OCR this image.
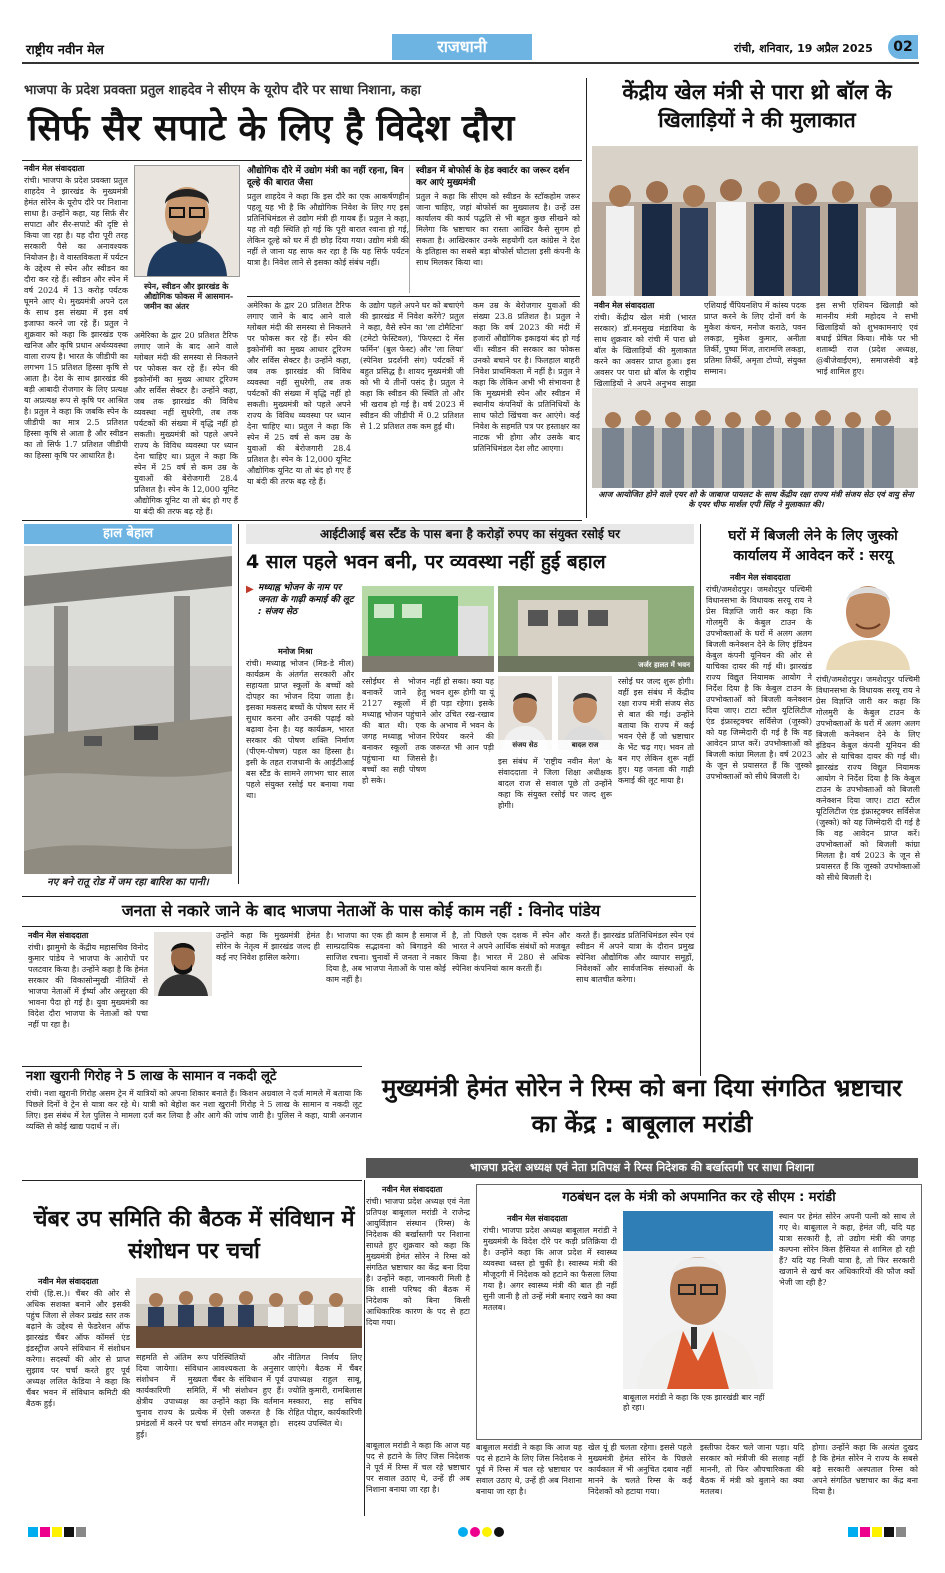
राष्ट्रीय नवीन मेल	राजधानी	रांची, शनिवार, 19 अप्रैल 2025	02
भाजपा के प्रदेश प्रवक्ता प्रतुल शाहदेव ने सीएम के यूरोप दौरे पर साधा निशाना, कहा
सिर्फ सैर सपाटे के लिए है विदेश दौरा
नवीन मेल संवाददाता
रांची। भाजपा के प्रदेश प्रवक्ता प्रतुल शाहदेव ने झारखंड के मुख्यमंत्री हेमंत सोरेन के यूरोप दौरे पर निशाना साधा है। उन्होंने कहा, यह सिर्फ़ सैर सपाटा और सैर-सपाटे की दृष्टि से किया जा रहा है। यह दौरा पूरी तरह सरकारी पैसे का अनावश्यक नियोजन है। वे वास्तविकता में पर्यटन के उद्देश्य से स्पेन और स्वीडन का दौरा कर रहे हैं। स्वीडन और स्पेन में वर्ष 2024 में 13 करोड़ पर्यटक घूमने आए थे। मुख्यमंत्री अपने दल के साथ इस संख्या में इस वर्ष इजाफा करने जा रहे हैं। प्रतुल ने शुक्रवार को कहा कि झारखंड एक खनिज और कृषि प्रधान अर्थव्यवस्था वाला राज्य है। भारत के जीडीपी का लगभग 15 प्रतिशत हिस्सा कृषि से आता है। देश के साथ झारखंड की बड़ी आबादी रोजगार के लिए प्रत्यक्ष या अप्रत्यक्ष रूप से कृषि पर आश्रित है। प्रतुल ने कहा कि जबकि स्पेन के जीडीपी का मात्र 2.5 प्रतिशत हिस्सा कृषि से आता है और स्वीडन का तो सिर्फ 1.7 प्रतिशत जीडीपी का हिस्सा कृषि पर आधारित है।
स्पेन, स्वीडन और झारखंड के औद्योगिक फोकस में आसमान-जमीन का अंतर
अमेरिका के द्वार 20 प्रतिशत टैरिफ लगाए जाने के बाद आने वाले ग्लोबल मंदी की समस्या से निकलने पर फोकस कर रहे हैं। स्पेन की इकोनॉमी का मुख्य आधार टूरिज्म और सर्विस सेक्टर है। उन्होंने कहा, जब तक झारखंड की विविध व्यवस्था नहीं सुधरेगी, तब तक पर्यटकों की संख्या में वृद्धि नहीं हो सकती। मुख्यमंत्री को पहले अपने राज्य के विविध व्यवस्था पर ध्यान देना चाहिए था। प्रतुल ने कहा कि स्पेन में 25 वर्ष से कम उम्र के युवाओं की बेरोजगारी 28.4 प्रतिशत है। स्पेन के 12,000 यूनिट औद्योगिक यूनिट या तो बंद हो गए हैं या बंदी की तरफ बढ़ रहे हैं।
औद्योगिक दौरे में उद्योग मंत्री का नहीं रहना, बिन दूल्हे की बारात जैसा
प्रतुल शाहदेव ने कहा कि इस दौरे का एक आकर्षणहीन पहलू यह भी है कि औद्योगिक निवेश के लिए गए इस प्रतिनिधिमंडल से उद्योग मंत्री ही गायब हैं। प्रतुल ने कहा, यह तो वही स्थिति हो गई कि पूरी बारात रवाना हो गई, लेकिन दूल्हे को घर में ही छोड़ दिया गया। उद्योग मंत्री की नहीं ले जाना यह साफ कर रहा है कि यह सिर्फ पर्यटन यात्रा है। निवेश लाने से इसका कोई संबंध नहीं।
स्वीडन में बोफोर्स के हेड क्वार्टर का जरूर दर्शन कर आएं मुख्यमंत्री
प्रतुल ने कहा कि सीएम को स्वीडन के स्टॉकहोम जरूर जाना चाहिए, जहां बोफोर्स का मुख्यालय है। उन्हें उस कार्यालय की कार्य पद्धति से भी बहुत कुछ सीखने को मिलेगा कि भ्रष्टाचार का रास्ता आखिर कैसे सुगम हो सकता है। आखिरकार उनके सहयोगी दल कांग्रेस ने देश के इतिहास का सबसे बड़ा बोफोर्स घोटाला इसी कंपनी के साथ मिलकर किया था।
अमेरिका के द्वार 20 प्रतिशत टैरिफ लगाए जाने के बाद आने वाले ग्लोबल मंदी की समस्या से निकलने पर फोकस कर रहे हैं। स्पेन की इकोनॉमी का मुख्य आधार टूरिज्म और सर्विस सेक्टर है। उन्होंने कहा, जब तक झारखंड की विविध व्यवस्था नहीं सुधरेगी, तब तक पर्यटकों की संख्या में वृद्धि नहीं हो सकती। मुख्यमंत्री को पहले अपने राज्य के विविध व्यवस्था पर ध्यान देना चाहिए था। प्रतुल ने कहा कि स्पेन में 25 वर्ष से कम उम्र के युवाओं की बेरोजगारी 28.4 प्रतिशत है। स्पेन के 12,000 यूनिट औद्योगिक यूनिट या तो बंद हो गए हैं या बंदी की तरफ बढ़ रहे हैं।
के उद्योग पहले अपने घर को बचाएंगे की झारखंड में निवेश करेंगे? प्रतुल ने कहा, वैसे स्पेन का 'ला टोमैटिना' (टमेटो फेस्टिवल), 'फिएस्टा दे मेंस फर्मिन' (बुल फेस्ट) और 'ला लिया' (स्पेनिश प्रदर्शनी संग) पर्यटकों में बहुत प्रसिद्ध है। शायद मुख्यमंत्री जी को भी ये तीनों पसंद है। प्रतुल ने कहा कि स्वीडन की स्थिति तो और भी खराब हो गई है। वर्ष 2023 में स्वीडन की जीडीपी में 0.2 प्रतिशत से 1.2 प्रतिशत तक कम हुई थी।
कम उम्र के बेरोजगार युवाओं की संख्या 23.8 प्रतिशत है। प्रतुल ने कहा कि वर्ष 2023 की मंदी में हजारों औद्योगिक इकाइयां बंद हो गई थीं। स्वीडन की सरकार का फोकस उनको बचाने पर है। फिलहाल बाहरी निवेश प्राथमिकता में नहीं है। प्रतुल ने कहा कि लेकिन अभी भी संभावना है कि मुख्यमंत्री स्पेन और स्वीडन में स्थानीय कंपनियों के प्रतिनिधियों के साथ फोटो खिंचवा कर आएंगे। कई निवेश के सहमति पत्र पर हस्ताक्षर का नाटक भी होगा और उसके बाद प्रतिनिधिमंडल देश लौट आएगा।
केंद्रीय खेल मंत्री से पारा थ्रो बॉल के खिलाड़ियों ने की मुलाकात
नवीन मेल संवाददाता
रांची। केंद्रीय खेल मंत्री (भारत सरकार) डॉ.मनसुख मंडाविया के साथ शुक्रवार को रांची में पारा थ्रो बॉल के खिलाड़ियों की मुलाकात करने का अवसर प्राप्त हुआ। इस अवसर पर पारा थ्रो बॉल के राष्ट्रीय खिलाड़ियों ने अपने अनुभव साझा
एशियाई चैंपियनशिप में कांस्य पदक प्राप्त करने के लिए दोनों वर्ग के मुकेश कंचन, मनोज कराठे, पवन लकड़ा, मुकेश कुमार, अनीता तिर्की, पुष्पा मिंज, तारामणि लकड़ा, प्रतिमा तिर्की, अमृता टोप्पो, संयुक्त सम्मान।
इस सभी एशियन खिलाड़ी को माननीय मंत्री महोदय ने सभी खिलाड़ियों को शुभकामनाएं एवं बधाई प्रेषित किया। मौके पर भी शताब्दी राज (प्रदेश अध्यक्ष, @बीजेवाईएम), समाजसेवी बड़े भाई शामिल हुए।
आज आयोजित होने वाले एयर शो के जाबाज पायलट के साथ केंद्रीय रक्षा राज्य मंत्री संजय सेठ एवं वायु सेना के एयर चीफ मार्शल एपी सिंह ने मुलाकात की।
हाल बेहाल
नए बने रातू रोड में जम रहा बारिश का पानी।
आईटीआई बस स्टैंड के पास बना है करोड़ों रुपए का संयुक्त रसोई घर
4 साल पहले भवन बनी, पर व्यवस्था नहीं हुई बहाल
▶ मध्याह्न भोजन के नाम पर जनता के गाढ़ी कमाई की लूट : संजय सेठ
मनोज मिश्रा
रांची। मध्याह्न भोजन (मिड-डे मील) कार्यक्रम के अंतर्गत सरकारी और सहायता प्राप्त स्कूलों के बच्चों को दोपहर का भोजन दिया जाता है। इसका मकसद बच्चों के पोषण स्तर में सुधार करना और उनकी पढ़ाई को बढ़ावा देना है। यह कार्यक्रम, भारत सरकार की पोषण शक्ति निर्माण (पीएम-पोषण) पहल का हिस्सा है। इसी के तहत राजधानी के आईटीआई बस स्टैंड के सामने लगभग चार साल पहले संयुक्त रसोई घर बनाया गया था।
जर्जर हालत में भवन
संजय सेठ	बादल राज
रसोईघर से भोजन बनाकरें जाने हेतु 2127 स्कूलों में मध्याह्न भोजन पहुंचाने की बात थी। एक जगह मध्याह्न भोजन बनाकर स्कूलों तक पहुंचाना था जिससे बच्चों का सही पोषण हो सके।
नहीं हो सका। क्या यह भवन शुरू होगी या यूं ही पड़ा रहेगा। इसके ओर उचित रख-रखाव के अभाव में भवन के रिपेयर करने की जरूरत भी आन पड़ी है।	इस संबंध में 'राष्ट्रीय नवीन मेल' के संवाददाता ने जिला शिक्षा अधीक्षक बादल राज से सवाल पूछे तो उन्होंने कहा कि संयुक्त रसोई घर जल्द शुरू होगी।
रसोई घर जल्द शुरू होगी। वहीं इस संबंध में केंद्रीय रक्षा राज्य मंत्री संजय सेठ से बात की गई। उन्होंने बताया कि राज्य में कई भवन ऐसे हैं जो भ्रष्टाचार के भेंट चढ़ गए। भवन तो बन गए लेकिन शुरू नहीं हुए। यह जनता की गाढ़ी कमाई की लूट माया है।
घरों में बिजली लेने के लिए जुस्को कार्यालय में आवेदन करें : सरयू
नवीन मेल संवाददाता
रांची/जमशेदपुर। जमशेदपुर पश्चिमी विधानसभा के विधायक सरयू राय ने प्रेस विज्ञप्ति जारी कर कहा कि गोलमुरी के केबुल टाउन के उपभोक्ताओं के घरों में अलग अलग बिजली कनेक्शन देने के लिए इंडियन केबुल कंपनी यूनियन की ओर से याचिका दायर की गई थी। झारखंड राज्य विद्युत नियामक आयोग ने निर्देश दिया है कि केबुल टाउन के उपभोक्ताओं को बिजली कनेक्शन दिया जाए। टाटा स्टील यूटिलिटीज एंड इंफ्रास्ट्रक्चर सर्विसेज (जुस्को) को यह जिम्मेदारी दी गई है कि वह आवेदन प्राप्त करें। उपभोक्ताओं को बिजली कांग्रा मिलता है। वर्ष 2023 के जून से प्रयासरत हैं कि जुस्को उपभोक्ताओं को सीधे बिजली दे।
रांची/जमशेदपुर। जमशेदपुर पश्चिमी विधानसभा के विधायक सरयू राय ने प्रेस विज्ञप्ति जारी कर कहा कि गोलमुरी के केबुल टाउन के उपभोक्ताओं के घरों में अलग अलग बिजली कनेक्शन देने के लिए इंडियन केबुल कंपनी यूनियन की ओर से याचिका दायर की गई थी। झारखंड राज्य विद्युत नियामक आयोग ने निर्देश दिया है कि केबुल टाउन के उपभोक्ताओं को बिजली कनेक्शन दिया जाए। टाटा स्टील यूटिलिटीज एंड इंफ्रास्ट्रक्चर सर्विसेज (जुस्को) को यह जिम्मेदारी दी गई है कि वह आवेदन प्राप्त करें। उपभोक्ताओं को बिजली कांग्रा मिलता है। वर्ष 2023 के जून से प्रयासरत हैं कि जुस्को उपभोक्ताओं को सीधे बिजली दे।
जनता से नकारे जाने के बाद भाजपा नेताओं के पास कोई काम नहीं : विनोद पांडेय
नवीन मेल संवाददाता
रांची। झामुमो के केंद्रीय महासचिव विनोद कुमार पांडेय ने भाजपा के आरोपों पर पलटवार किया है। उन्होंने कहा है कि हेमंत सरकार की विकासोन्मुखी नीतियों से भाजपा नेताओं में ईर्ष्या और असुरक्षा की भावना पैदा हो गई है। युवा मुख्यमंत्री का विदेश दौरा भाजपा के नेताओं को पचा नहीं पा रहा है।
उन्होंने कहा कि मुख्यमंत्री हेमंत सोरेन के नेतृत्व में झारखंड जल्द ही कई नए निवेश हासिल करेगा।
है। भाजपा का एक ही काम है समाज में साम्प्रदायिक सद्भावना को बिगाड़ने की साजिश रचना। चुनावों में जनता ने नकार दिया है, अब भाजपा नेताओं के पास कोई काम नहीं है।
है, तो पिछले एक दशक में स्पेन और भारत ने अपने आर्थिक संबंधों को मजबूत किया है। भारत में 280 से अधिक स्पेनिश कंपनियां काम करती हैं।
करते हैं। झारखंड प्रतिनिधिमंडल स्पेन एवं स्वीडन में अपने यात्रा के दौरान प्रमुख स्पेनिश औद्योगिक और व्यापार समूहों, निवेशकों और सार्वजनिक संस्थाओं के साथ बातचीत करेगा।
नशा खुरानी गिरोह ने 5 लाख के सामान व नकदी लूटे
रांची। नशा खुरानी गिरोह असम ट्रेन में यात्रियों को अपना शिकार बनाते हैं। किशन अग्रवाल ने दर्ज मामले में बताया कि पिछले दिनों वे ट्रेन से यात्रा कर रहे थे। यात्री को बेहोश कर नशा खुरानी गिरोह ने 5 लाख के सामान व नकदी लूट लिए। इस संबंध में रेल पुलिस ने मामला दर्ज कर लिया है और आगे की जांच जारी है। पुलिस ने कहा, यात्री अनजान व्यक्ति से कोई खाद्य पदार्थ न लें।
मुख्यमंत्री हेमंत सोरेन ने रिम्स को बना दिया संगठित भ्रष्टाचार का केंद्र : बाबूलाल मरांडी
भाजपा प्रदेश अध्यक्ष एवं नेता प्रतिपक्ष ने रिम्स निदेशक की बर्खास्तगी पर साधा निशाना
नवीन मेल संवाददाता
रांची। भाजपा प्रदेश अध्यक्ष एवं नेता प्रतिपक्ष बाबूलाल मरांडी ने राजेन्द्र आयुर्विज्ञान संस्थान (रिम्स) के निदेशक की बर्खास्तगी पर निशाना साधते हुए शुक्रवार को कहा कि मुख्यमंत्री हेमंत सोरेन ने रिम्स को संगठित भ्रष्टाचार का केंद्र बना दिया है। उन्होंने कहा, जानकारी मिली है कि शासी परिषद की बैठक में निदेशक को बिना किसी आधिकारिक कारण के पद से हटा दिया गया।
बाबूलाल मरांडी ने कहा कि आज यह पद से हटाने के लिए जिस निदेशक ने पूर्व में रिम्स में चल रहे भ्रष्टाचार पर सवाल उठाए थे, उन्हें ही अब निशाना बनाया जा रहा है।
गठबंधन दल के मंत्री को अपमानित कर रहे सीएम : मरांडी
नवीन मेल संवाददाता
रांची। भाजपा प्रदेश अध्यक्ष बाबूलाल मरांडी ने मुख्यमंत्री के विदेश दौरे पर कड़ी प्रतिक्रिया दी है। उन्होंने कहा कि आज प्रदेश में स्वास्थ्य व्यवस्था ध्वस्त हो चुकी है। स्वास्थ्य मंत्री की मौजूदगी में निदेशक को हटाने का फैसला लिया गया है। अगर स्वास्थ्य मंत्री की बात ही नहीं सुनी जानी है तो उन्हें मंत्री बनाए रखने का क्या मतलब।
बाबूलाल मरांडी ने कहा कि एक झारखंडी बार नहीं हो रहा।
स्थान पर हेमंत सोरेन अपनी पत्नी को साथ ले गए थे। बाबूलाल ने कहा, हेमंत जी, यदि यह यात्रा सरकारी है, तो उद्योग मंत्री की जगह कल्पना सोरेन किस हैसियत से शामिल हो रही हैं? यदि यह निजी यात्रा है, तो फिर सरकारी खजाने से खर्च कर अधिकारियों की फौज क्यों भेजी जा रही है?
खेल यूं ही चलता रहेगा। इससे पहले मुख्यमंत्री हेमंत सोरेन के पिछले कार्यकाल में भी अनुचित दबाव नहीं मानने के चलते रिम्स के कई निदेशकों को हटाया गया।
इस्तीफा देकर चले जाना पड़ा। यदि सरकार को मंत्रीजी की सलाह नहीं माननी, तो फिर औपचारिकता की बैठक में मंत्री को बुलाने का क्या मतलब।
होगा। उन्होंने कहा कि अत्यंत दुखद है कि हेमंत सोरेन ने राज्य के सबसे बड़े सरकारी अस्पताल रिम्स को अपने संगठित भ्रष्टाचार का केंद्र बना दिया है।
बाबूलाल मरांडी ने कहा कि आज यह पद से हटाने के लिए जिस निदेशक ने पूर्व में रिम्स में चल रहे भ्रष्टाचार पर सवाल उठाए थे, उन्हें ही अब निशाना बनाया जा रहा है।
चेंबर उप समिति की बैठक में संविधान में संशोधन पर चर्चा
नवीन मेल संवाददाता
रांची (हि.स.)। चैंबर की ओर से अधिक सशक्त बनाने और इसकी पहुंच जिला से लेकर प्रखंड स्तर तक बढ़ाने के उद्देश्य से फेडरेशन ऑफ झारखंड चैंबर ऑफ कॉमर्स एंड इंडस्ट्रीज अपने संविधान में संशोधन करेगा। सदस्यों की ओर से प्राप्त सुझाव पर चर्चा करते हुए पूर्व अध्यक्ष ललित केडिया ने कहा कि चैंबर भवन में संविधान कमिटी की बैठक हुई।
सहमति से अंतिम रूप दिया जायेगा। संविधान संशोधन में मुख्यतः कार्यकारिणी समिति, क्षेत्रीय उपाध्यक्ष का चुनाव राज्य के प्रत्येक प्रमंडलों में करने पर चर्चा हुई।
परिस्थितियों और आवश्यकता के अनुसार चैंबर के संविधान में पूर्व में भी संशोधन हुए हैं। उन्होंने कहा कि वर्तमान में ऐसी जरूरत है कि संगठन और मजबूत हो।
नीतिगत निर्णय लिए जाएंगे। बैठक में चैंबर उपाध्यक्ष राहुल साबू, ज्योति कुमारी, रामबिलास मस्कारा, सह सचिव रोहित पोद्दार, कार्यकारिणी सदस्य उपस्थित थे।
